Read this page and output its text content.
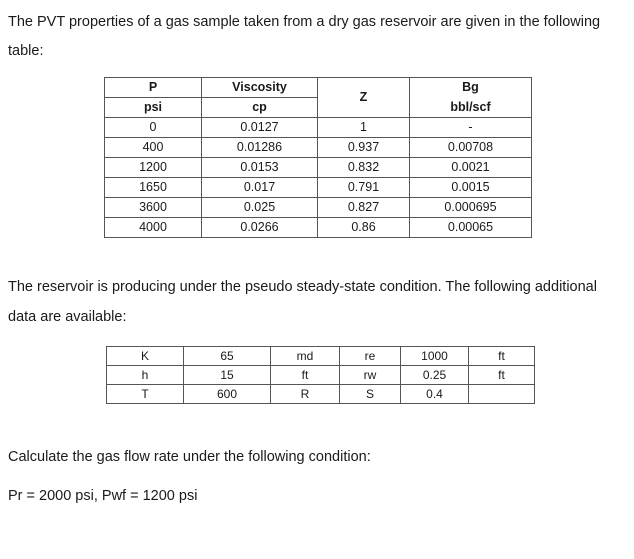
The PVT properties of a gas sample taken from a dry gas reservoir are given in the following table:
P	Viscosity	Z	Bg
psi	cp		bbl/scf
0	0.0127	1	-
400	0.01286	0.937	0.00708
1200	0.0153	0.832	0.0021
1650	0.017	0.791	0.0015
3600	0.025	0.827	0.000695
4000	0.0266	0.86	0.00065
The reservoir is producing under the pseudo steady-state condition. The following additional data are available:
K	65	md	re	1000	ft
h	15	ft	rw	0.25	ft
T	600	R	S	0.4	
Calculate the gas flow rate under the following condition:
Pr = 2000 psi, Pwf = 1200 psi
